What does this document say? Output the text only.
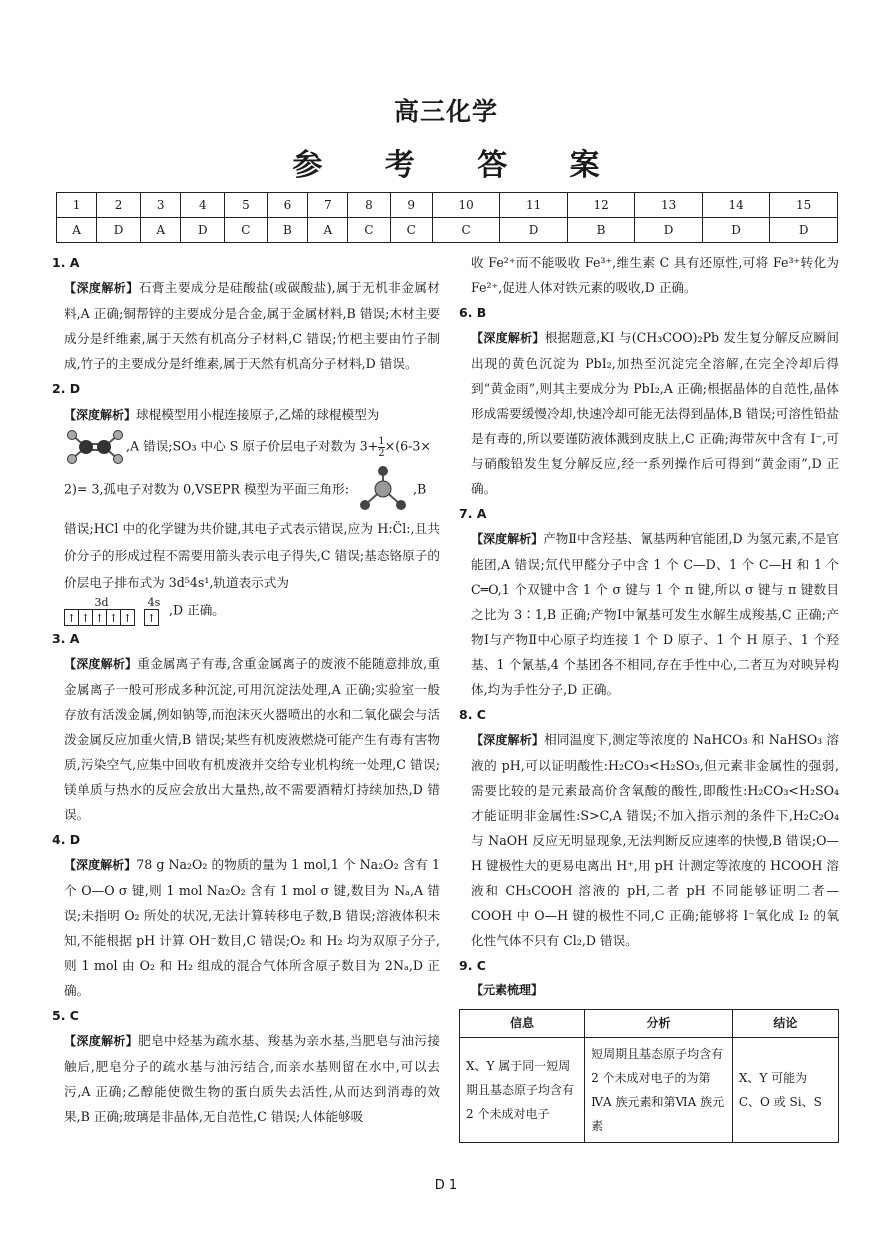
高三化学
参 考 答 案
1	2	3	4	5	6	7	8	9	10	11	12	13	14	15
A	D	A	D	C	B	A	C	C	C	D	B	D	D	D
1. A

【深度解析】石膏主要成分是硅酸盐(或碳酸盐),属于无机非金属材料,A 正确;铜帮锌的主要成分是合金,属于金属材料,B 错误;木材主要成分是纤维素,属于天然有机高分子材料,C 错误;竹杷主要由竹子制成,竹子的主要成分是纤维素,属于天然有机高分子材料,D 错误。

2. D

【深度解析】球棍模型用小棍连接原子,乙烯的球棍模型为
,A 错误;SO₃ 中心 S 原子价层电子对数为 $3+ \frac{1}{2} \times(6-3\times$
2)= 3,孤电子对数为 0,VSEPR 模型为平面三角形:	,B
错误;HCl 中的化学键为共价键,其电子式表示错误,应为 H:C̈l:,且共价分子的形成过程不需要用箭头表示电子得失,C 错误;基态铬原子的价层电子排布式为 3d⁵4s¹,轨道表示式为

3d	4s
↑ ↑ ↑ ↑ ↑ ↑
,D 正确。

3. A

【深度解析】重金属离子有毒,含重金属离子的废液不能随意排放,重金属离子一般可形成多种沉淀,可用沉淀法处理,A 正确;实验室一般存放有活泼金属,例如钠等,而泡沫灭火器喷出的水和二氧化碳会与活泼金属反应加重火情,B 错误;某些有机废液燃烧可能产生有毒有害物质,污染空气,应集中回收有机废液并交给专业机构统一处理,C 错误;镁单质与热水的反应会放出大量热,故不需要酒精灯持续加热,D 错误。

4. D

【深度解析】78 g Na₂O₂ 的物质的量为 1 mol,1 个 Na₂O₂ 含有 1 个 O—O σ 键,则 1 mol Na₂O₂ 含有 1 mol σ 键,数目为 Nₐ,A 错误;未指明 O₂ 所处的状况,无法计算转移电子数,B 错误;溶液体积未知,不能根据 pH 计算 OH⁻数目,C 错误;O₂ 和 H₂ 均为双原子分子,则 1 mol 由 O₂ 和 H₂ 组成的混合气体所含原子数目为 2Nₐ,D 正确。

5. C

【深度解析】肥皂中烃基为疏水基、羧基为亲水基,当肥皂与油污接触后,肥皂分子的疏水基与油污结合,而亲水基则留在水中,可以去污,A 正确;乙醇能使微生物的蛋白质失去活性,从而达到消毒的效果,B 正确;玻璃是非晶体,无自范性,C 错误;人体能够吸

收 Fe²⁺而不能吸收 Fe³⁺,维生素 C 具有还原性,可将 Fe³⁺转化为 Fe²⁺,促进人体对铁元素的吸收,D 正确。

6. B

【深度解析】根据题意,KI 与(CH₃COO)₂Pb 发生复分解反应瞬间出现的黄色沉淀为 PbI₂,加热至沉淀完全溶解,在完全冷却后得到“黄金雨”,则其主要成分为 PbI₂,A 正确;根据晶体的自范性,晶体形成需要缓慢冷却,快速冷却可能无法得到晶体,B 错误;可溶性铅盐是有毒的,所以要谨防液体溅到皮肤上,C 正确;海带灰中含有 I⁻,可与硝酸铅发生复分解反应,经一系列操作后可得到“黄金雨”,D 正确。

7. A

【深度解析】产物Ⅱ中含羟基、氰基两种官能团,D 为氢元素,不是官能团,A 错误;氘代甲醛分子中含 1 个 C—D、1 个 C—H 和 1 个 C═O,1 个双键中含 1 个 σ 键与 1 个 π 键,所以 σ 键与 π 键数目之比为 3∶1,B 正确;产物Ⅰ中氰基可发生水解生成羧基,C 正确;产物Ⅰ与产物Ⅱ中心原子均连接 1 个 D 原子、1 个 H 原子、1 个羟基、1 个氰基,4 个基团各不相同,存在手性中心,二者互为对映异构体,均为手性分子,D 正确。

8. C

【深度解析】相同温度下,测定等浓度的 NaHCO₃ 和 NaHSO₃ 溶液的 pH,可以证明酸性:H₂CO₃<H₂SO₃,但元素非金属性的强弱,需要比较的是元素最高价含氧酸的酸性,即酸性:H₂CO₃<H₂SO₄ 才能证明非金属性:S>C,A 错误;不加入指示剂的条件下,H₂C₂O₄ 与 NaOH 反应无明显现象,无法判断反应速率的快慢,B 错误;O—H 键极性大的更易电离出 H⁺,用 pH 计测定等浓度的 HCOOH 溶液和 CH₃COOH 溶液的 pH,二者 pH 不同能够证明二者—COOH 中 O—H 键的极性不同,C 正确;能够将 I⁻氧化成 I₂ 的氧化性气体不只有 Cl₂,D 错误。

9. C
【元素梳理】
信息	分析	结论
X、Y 属于同一短周期且基态原子均含有 2 个未成对电子	短周期且基态原子均含有 2 个未成对电子的为第ⅣA 族元素和第ⅥA 族元素	X、Y 可能为 C、O 或 Si、S
D 1
